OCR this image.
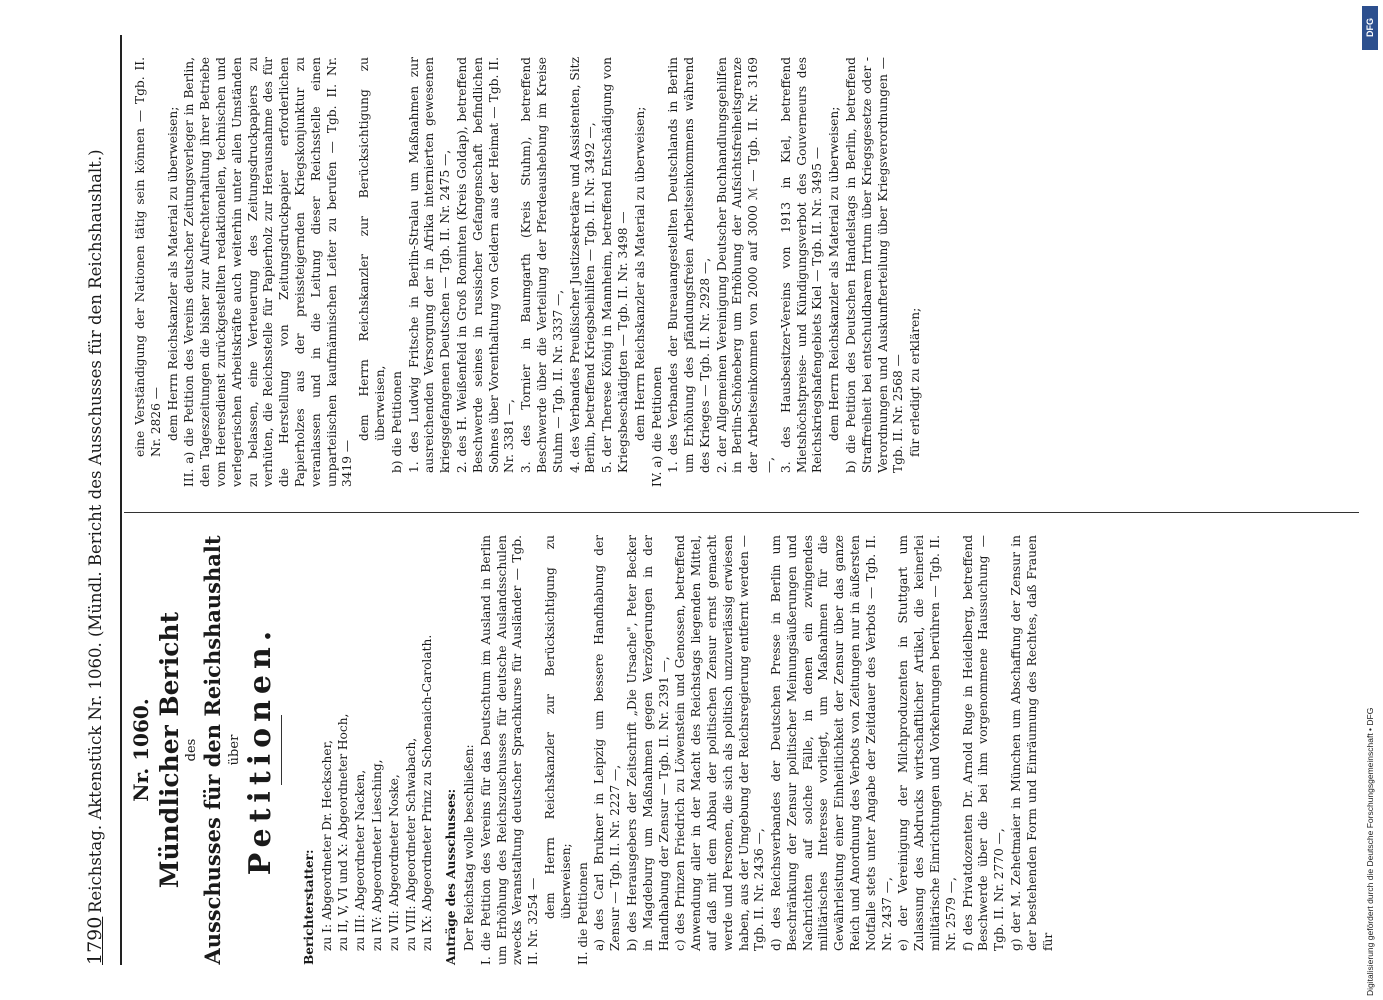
1790
Reichstag. Aktenstück Nr. 1060. (Mündl. Bericht des Ausschusses für den Reichshaushalt.) Nr. 1060. Mündlicher Bericht des Ausschusses für den Reichshaushalt über Petitionen.
Berichterstatter: zu I: Abgeordneter Dr. Heckscher, zu II, V, VI und X: Abgeordneter Hoch, zu III: Abgeordneter Nacken, zu IV: Abgeordneter Liesching, zu VII: Abgeordneter Noske, zu VIII: Abgeordneter Schwabach, zu IX: Abgeordneter Prinz zu Schoenaich-Carolath. Anträge des Ausschusses: Der Reichstag wolle beschließen: I. die Petition des Vereins für das Deutschtum im Ausland in Berlin um Erhöhung des Reichszuschusses für deutsche Auslandsschulen zwecks Veranstaltung deutscher Sprachkurse für Ausländer — Tgb. II. Nr. 3254 —
dem Herrn Reichskanzler zur Berücksichtigung zu überweisen; II. die Petitionen a) des Carl Brukner in Leipzig um bessere Handhabung der Zensur — Tgb. II. Nr. 2227 —, b) des Herausgebers der Zeitschrift „Die Ursache", Peter Becker in Magdeburg um Maßnahmen gegen Verzögerungen in der Handhabung der Zensur — Tgb. II. Nr. 2391 —, c) des Prinzen Friedrich zu Löwenstein und Genossen, betreffend Anwendung aller in der Macht des Reichstags liegenden Mittel, auf daß mit dem Abbau der politischen Zensur ernst gemacht werde und Personen, die sich als politisch unzuverlässig erwiesen haben, aus der Umgebung der Reichsregierung entfernt werden — Tgb. II. Nr. 2436 —, d) des Reichsverbandes der Deutschen Presse in Berlin um Beschränkung der Zensur politischer Meinungsäußerungen und Nachrichten auf solche Fälle, in denen ein zwingendes militärisches Interesse vorliegt, um Maßnahmen für die Gewährleistung einer Einheitlichkeit der Zensur über das ganze Reich und Anordnung des Verbots von Zeitungen nur in äußersten Notfalle stets unter Angabe der Zeitdauer des Verbots — Tgb. II. Nr. 2437 —, e) der Vereinigung der Milchproduzenten in Stuttgart um Zulassung des Abdrucks wirtschaftlicher Artikel, die keinerlei militärische Einrichtungen und Vorkehrungen berühren — Tgb. II. Nr. 2579 —, f) des Privatdozenten Dr. Arnold Ruge in Heidelberg, betreffend Beschwerde über die bei ihm vorgenommene Haussuchung — Tgb. II. Nr. 2770 —, g) der M. Zehetmaier in München um Abschaffung der Zensur in der bestehenden Form und Einräumung des Rechtes, daß Frauen für
eine Verständigung der Nationen tätig sein können — Tgb. II. Nr. 2826 — dem Herrn Reichskanzler als Material zu überweisen; III. a) die Petition des Vereins deutscher Zeitungsverleger in Berlin, den Tageszeitungen die bisher zur Aufrechterhaltung ihrer Betriebe vom Heeresdienst zurückgestellten redaktionellen, technischen und verlegerischen Arbeitskräfte auch weiterhin unter allen Umständen zu belassen, eine Verteuerung des Zeitungsdruckpapiers zu verhüten, die Reichsstelle für Papierholz zur Herausnahme des für die Herstellung von Zeitungsdruckpapier erforderlichen Papierholzes aus der preissteigernden Kriegskonjunktur zu veranlassen und in die Leitung dieser Reichsstelle einen unparteiischen kaufmännischen Leiter zu berufen — Tgb. II. Nr. 3419 —
dem Herrn Reichskanzler zur Berücksichtigung zu überweisen, b) die Petitionen 1. des Ludwig Fritsche in Berlin-Stralau um Maßnahmen zur ausreichenden Versorgung der in Afrika internierten gewesenen kriegsgefangenen Deutschen — Tgb. II. Nr. 2475 —, 2. des H. Weißenfeld in Groß Rominten (Kreis Goldap), betreffend Beschwerde seines in russischer Gefangenschaft befindlichen Sohnes über Vorenthaltung von Geldern aus der Heimat — Tgb. II. Nr. 3381 —, 3. des Tornier in Baumgarth (Kreis Stuhm), betreffend Beschwerde über die Verteilung der Pferdeaushebung im Kreise Stuhm — Tgb. II. Nr. 3337 —, 4. des Verbandes Preußischer Justizsekretäre und Assistenten, Sitz Berlin, betreffend Kriegsbeihilfen — Tgb. II. Nr. 3492 —, 5. der Therese König in Mannheim, betreffend Entschädigung von Kriegsbeschädigten — Tgb. II. Nr. 3498 — dem Herrn Reichskanzler als Material zu überweisen; IV. a) die Petitionen 1. des Verbandes der Bureauangestellten Deutschlands in Berlin um Erhöhung des pfändungsfreien Arbeitseinkommens während des Krieges — Tgb. II. Nr. 2928 —, 2. der Allgemeinen Vereinigung Deutscher Buchhandlungsgehilfen in Berlin-Schöneberg um Erhöhung der Aufsichtsfreiheitsgrenze der Arbeitseinkommen von 2000 auf 3000 ℳ — Tgb. II. Nr. 3169 —, 3. des Hausbesitzer-Vereins von 1913 in Kiel, betreffend Mietshöchstpreise- und Kündigungsverbot des Gouverneurs des Reichskriegshafengebiets Kiel — Tgb. II. Nr. 3495 — dem Herrn Reichskanzler als Material zu überweisen; b) die Petition des Deutschen Handelstags in Berlin, betreffend Straffreiheit bei entschuldbarem Irrtum über Kriegsgesetze oder -Verordnungen und Auskunfterteilung über Kriegsverordnungen — Tgb. II. Nr. 2568 — für erledigt zu erklären;
DFG
Digitalisierung gefördert durch die Deutsche Forschungsgemeinschaft • DFG
